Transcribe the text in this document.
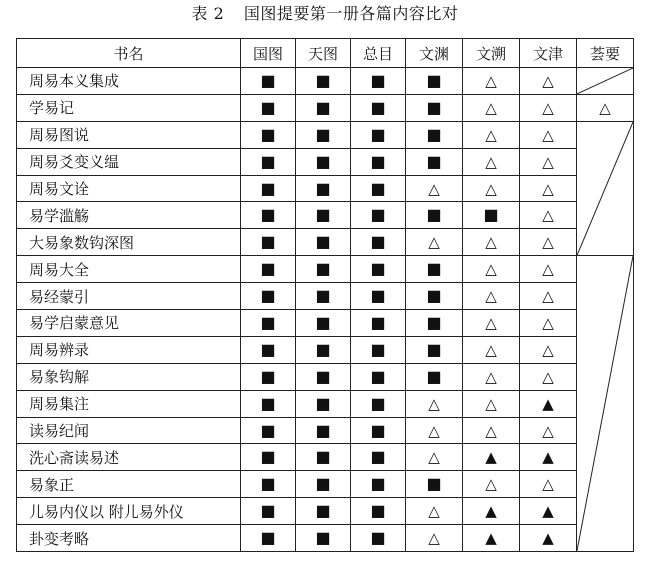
表 2 国图提要第一册各篇内容比对
书名	国图	天图	总目	文渊	文溯	文津	荟要
周易本义集成	■	■	■	■	△	△	

学易记	■	■	■	■	△	△	△
周易图说	■	■	■	■	△	△	

周易爻变义缊	■	■	■	■	△	△	
周易文诠	■	■	■	△	△	△	
易学滥觞	■	■	■	■	■	△	
大易象数钩深图	■	■	■	△	△	△	
周易大全	■	■	■	■	△	△	

易经蒙引	■	■	■	■	△	△	
易学启蒙意见	■	■	■	■	△	△	
周易辨录	■	■	■	■	△	△	
易象钩解	■	■	■	■	△	△	
周易集注	■	■	■	△	△	▲	
读易纪闻	■	■	■	△	△	△	
洗心斋读易述	■	■	■	△	▲	▲	
易象正	■	■	■	■	△	△	
儿易内仪以 附儿易外仪	■	■	■	△	▲	▲	
卦变考略	■	■	■	△	▲	▲	
